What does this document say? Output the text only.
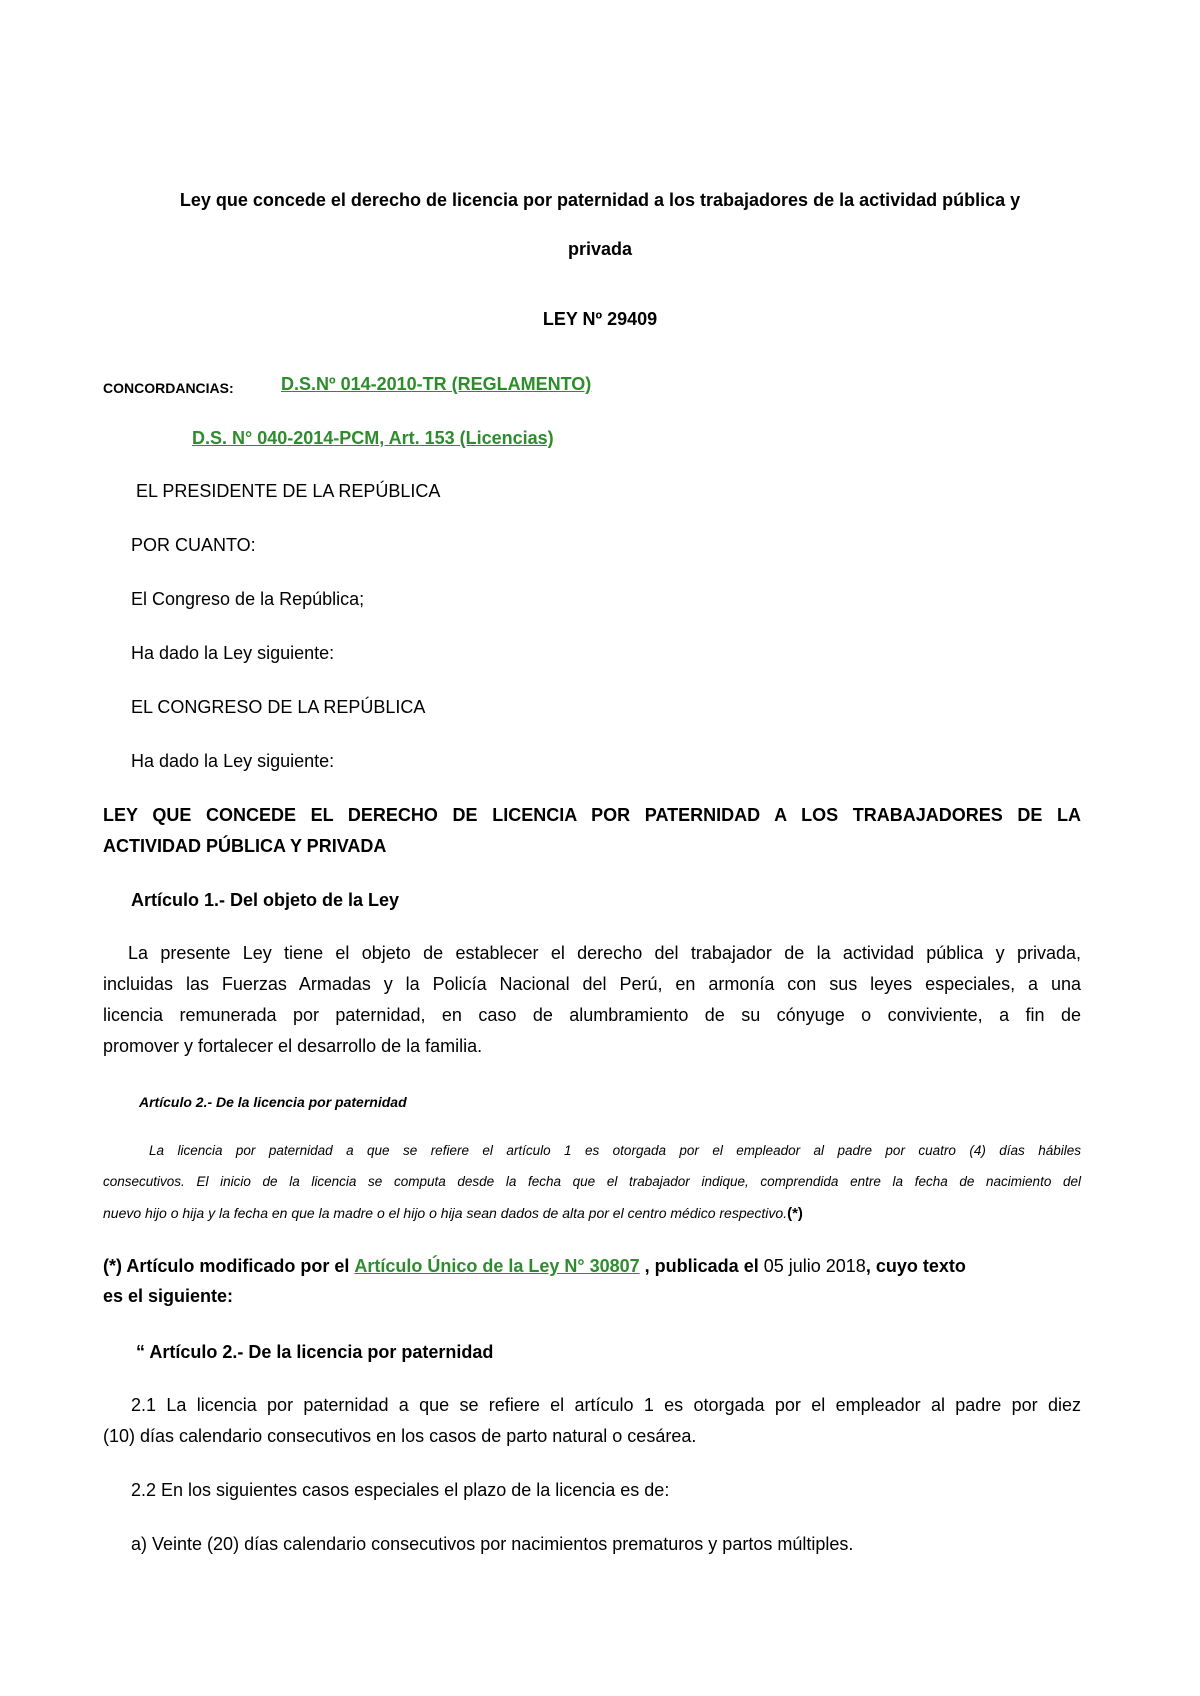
Ley que concede el derecho de licencia por paternidad a los trabajadores de la actividad pública y
privada
LEY Nº 29409
CONCORDANCIAS:	D.S.Nº 014-2010-TR (REGLAMENTO)
D.S. N° 040-2014-PCM, Art. 153 (Licencias)
EL PRESIDENTE DE LA REPÚBLICA
POR CUANTO:
El Congreso de la República;
Ha dado la Ley siguiente:
EL CONGRESO DE LA REPÚBLICA
Ha dado la Ley siguiente:
LEY QUE CONCEDE EL DERECHO DE LICENCIA POR PATERNIDAD A LOS TRABAJADORES DE LA
ACTIVIDAD PÚBLICA Y PRIVADA
Artículo 1.- Del objeto de la Ley
La presente Ley tiene el objeto de establecer el derecho del trabajador de la actividad pública y privada,
incluidas las Fuerzas Armadas y la Policía Nacional del Perú, en armonía con sus leyes especiales, a una
licencia remunerada por paternidad, en caso de alumbramiento de su cónyuge o conviviente, a fin de
promover y fortalecer el desarrollo de la familia.
Artículo 2.- De la licencia por paternidad
La licencia por paternidad a que se refiere el artículo 1 es otorgada por el empleador al padre por cuatro (4) días hábiles
consecutivos. El inicio de la licencia se computa desde la fecha que el trabajador indique, comprendida entre la fecha de nacimiento del
nuevo hijo o hija y la fecha en que la madre o el hijo o hija sean dados de alta por el centro médico respectivo.(*)
(*) Artículo modificado por el Artículo Único de la Ley N° 30807 , publicada el 05 julio 2018, cuyo texto
es el siguiente:
“ Artículo 2.- De la licencia por paternidad
2.1 La licencia por paternidad a que se refiere el artículo 1 es otorgada por el empleador al padre por diez
(10) días calendario consecutivos en los casos de parto natural o cesárea.
2.2 En los siguientes casos especiales el plazo de la licencia es de:
a) Veinte (20) días calendario consecutivos por nacimientos prematuros y partos múltiples.
